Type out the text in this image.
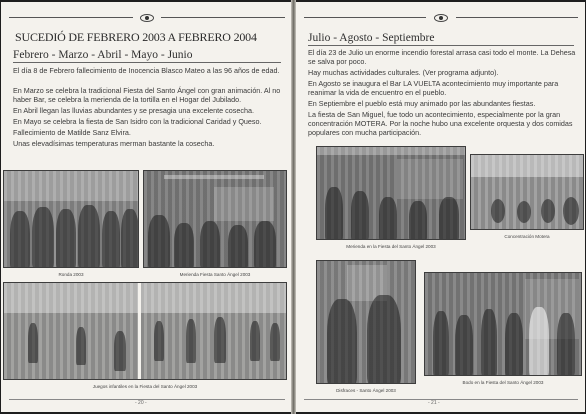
SUCEDIÓ DE FEBRERO 2003 A FEBRERO 2004
Febrero - Marzo - Abril - Mayo - Junio
El día 8 de Febrero fallecimiento de Inocencia Blasco Mateo a las 96 años de edad.
En Marzo se celebra la tradicional Fiesta del Santo Ángel con gran animación. Al no haber Bar, se celebra la merienda de la tortilla en el Hogar del Jubilado.
En Abril llegan las lluvias abundantes y se presagia una excelente cosecha.
En Mayo se celebra la fiesta de San Isidro con la tradicional Caridad y Queso.
Fallecimiento de Matilde Sanz Elvira.
Unas elevadísimas temperaturas merman bastante la cosecha.
Ronda 2003	Merienda Fiesta Santo Ángel 2003
Juegos infantiles en la Fiesta del Santo Ángel 2003
- 20 -
Julio - Agosto - Septiembre
El día 23 de Julio un enorme incendio forestal arrasa casi todo el monte. La Dehesa se salva por poco.
Hay muchas actividades culturales. (Ver programa adjunto).
En Agosto se inaugura el Bar LA VUELTA acontecimiento muy importante para reanimar la vida de encuentro en el pueblo.
En Septiembre el pueblo está muy animado por las abundantes fiestas.
La fiesta de San Miguel, fue todo un acontecimiento, especialmente por la gran concentración MOTERA. Por la noche hubo una excelente orquesta y dos comidas populares con mucha participación.
Merienda en la Fiesta del Santo Ángel 2003
Concentración Motera
Disfraces - Santo Ángel 2003
Bodo en la Fiesta del Santo Ángel 2003
- 21 -
